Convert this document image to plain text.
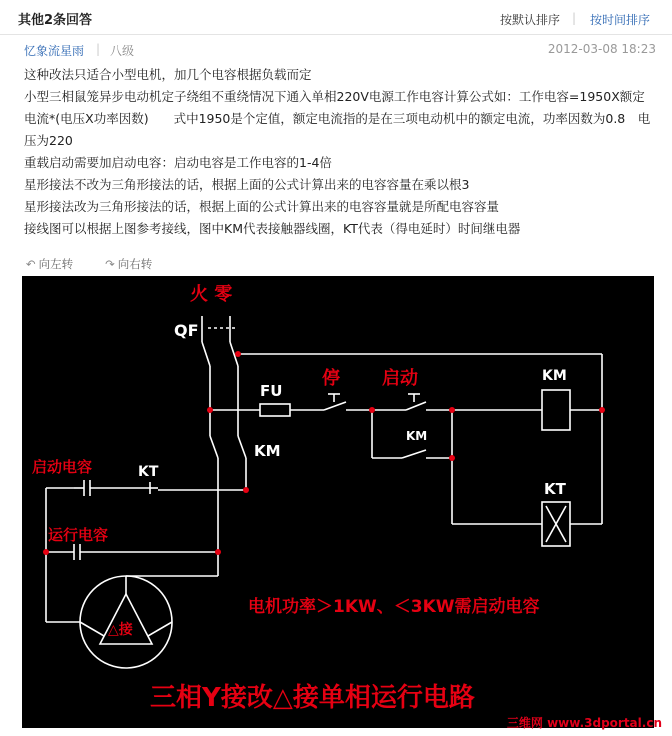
其他2条回答	按默认排序 | 按时间排序
忆象流星雨 | 八级	2012-03-08 18:23

这种改法只适合小型电机，加几个电容根据负载而定

小型三相鼠笼异步电动机定子绕组不重绕情况下通入单相220V电源工作电容计算公式如：工作电容=1950X额定电流*(电压X功率因数)　　式中1950是个定值，额定电流指的是在三项电动机中的额定电流，功率因数为0.8　电压为220

重载启动需要加启动电容：启动电容是工作电容的1-4倍

星形接法不改为三角形接法的话，根据上面的公式计算出来的电容容量在乘以根3

星形接法改为三角形接法的话，根据上面的公式计算出来的电容容量就是所配电容容量

接线图可以根据上图参考接线，图中KM代表接触器线圈，KT代表（得电延时）时间继电器

↶ 向左转	↷ 向右转
火 零
QF
FU
停 启动	KM
KM
KM
KT
KT
启动电容
运行电容
△接
电机功率＞1KW、＜3KW需启动电容
三相Y接改△接单相运行电路
三维网 www.3dportal.cn
